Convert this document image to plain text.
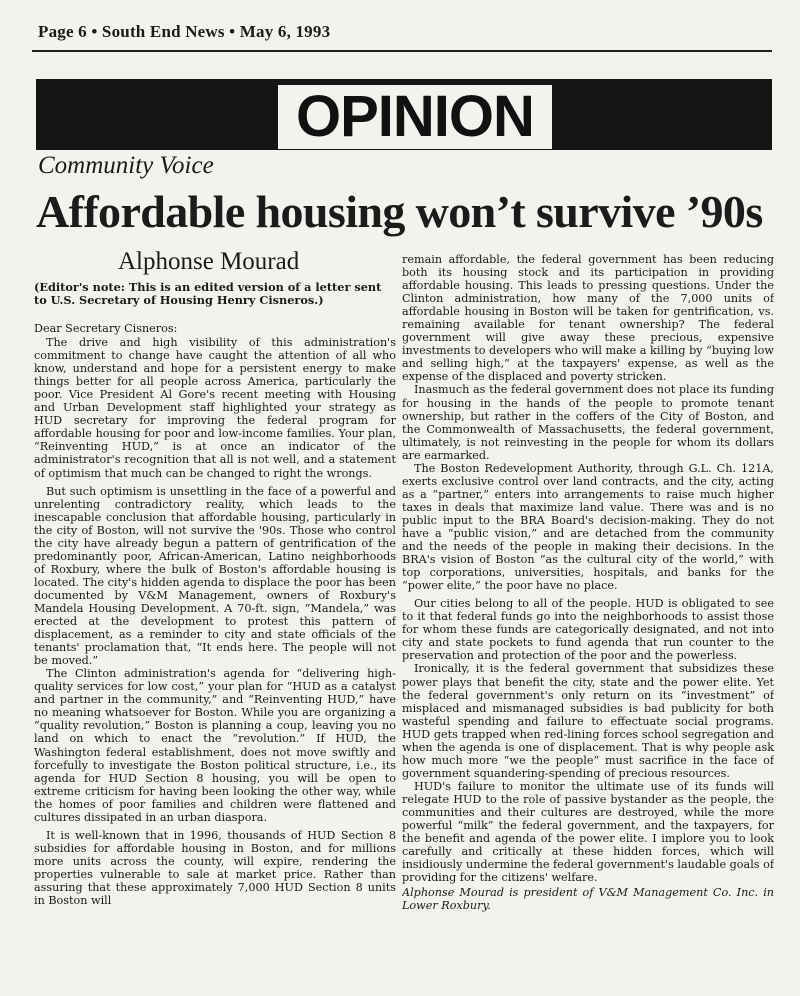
Page 6 • South End News • May 6, 1993
OPINION
Community Voice
Affordable housing won’t survive ’90s
Alphonse Mourad
(Editor's note: This is an edited version of a letter sent to U.S. Secretary of Housing Henry Cisneros.)

Dear Secretary Cisneros:

The drive and high visibility of this administration's commitment to change have caught the attention of all who know, understand and hope for a persistent energy to make things better for all people across America, particularly the poor. Vice President Al Gore's recent meeting with Housing and Urban Development staff highlighted your strategy as HUD secretary for improving the federal program for affordable housing for poor and low-income families. Your plan, “Reinventing HUD,” is at once an indicator of the administrator's recognition that all is not well, and a statement of optimism that much can be changed to right the wrongs.

But such optimism is unsettling in the face of a powerful and unrelenting contradictory reality, which leads to the inescapable conclusion that affordable housing, particularly in the city of Boston, will not survive the '90s. Those who control the city have already begun a pattern of gentrification of the predominantly poor, African-American, Latino neighborhoods of Roxbury, where the bulk of Boston's affordable housing is located. The city's hidden agenda to displace the poor has been documented by V&M Management, owners of Roxbury's Mandela Housing Development. A 70-ft. sign, “Mandela,” was erected at the development to protest this pattern of displacement, as a reminder to city and state officials of the tenants' proclamation that, “It ends here. The people will not be moved.”

The Clinton administration's agenda for “delivering high-quality services for low cost,” your plan for “HUD as a catalyst and partner in the community,” and “Reinventing HUD,” have no meaning whatsoever for Boston. While you are organizing a “quality revolution,” Boston is planning a coup, leaving you no land on which to enact the “revolution.” If HUD, the Washington federal establishment, does not move swiftly and forcefully to investigate the Boston political structure, i.e., its agenda for HUD Section 8 housing, you will be open to extreme criticism for having been looking the other way, while the homes of poor families and children were flattened and cultures dissipated in an urban diaspora.

It is well-known that in 1996, thousands of HUD Section 8 subsidies for affordable housing in Boston, and for millions more units across the county, will expire, rendering the properties vulnerable to sale at market price. Rather than assuring that these approximately 7,000 HUD Section 8 units in Boston will

remain affordable, the federal government has been reducing both its housing stock and its participation in providing affordable housing. This leads to pressing questions. Under the Clinton administration, how many of the 7,000 units of affordable housing in Boston will be taken for gentrification, vs. remaining available for tenant ownership? The federal government will give away these precious, expensive investments to developers who will make a killing by “buying low and selling high,” at the taxpayers' expense, as well as the expense of the displaced and poverty stricken.

Inasmuch as the federal government does not place its funding for housing in the hands of the people to promote tenant ownership, but rather in the coffers of the City of Boston, and the Commonwealth of Massachusetts, the federal government, ultimately, is not reinvesting in the people for whom its dollars are earmarked.

The Boston Redevelopment Authority, through G.L. Ch. 121A, exerts exclusive control over land contracts, and the city, acting as a “partner,” enters into arrangements to raise much higher taxes in deals that maximize land value. There was and is no public input to the BRA Board's decision-making. They do not have a “public vision,” and are detached from the community and the needs of the people in making their decisions. In the BRA's vision of Boston “as the cultural city of the world,” with top corporations, universities, hospitals, and banks for the “power elite,” the poor have no place.

Our cities belong to all of the people. HUD is obligated to see to it that federal funds go into the neighborhoods to assist those for whom these funds are categorically designated, and not into city and state pockets to fund agenda that run counter to the preservation and protection of the poor and the powerless.

Ironically, it is the federal government that subsidizes these power plays that benefit the city, state and the power elite. Yet the federal government's only return on its “investment” of misplaced and mismanaged subsidies is bad publicity for both wasteful spending and failure to effectuate social programs. HUD gets trapped when red-lining forces school segregation and when the agenda is one of displacement. That is why people ask how much more “we the people” must sacrifice in the face of government squandering-spending of precious resources.

HUD's failure to monitor the ultimate use of its funds will relegate HUD to the role of passive bystander as the people, the communities and their cultures are destroyed, while the more powerful “milk” the federal government, and the taxpayers, for the benefit and agenda of the power elite. I implore you to look carefully and critically at these hidden forces, which will insidiously undermine the federal government's laudable goals of providing for the citizens' welfare.

Alphonse Mourad is president of V&M Management Co. Inc. in Lower Roxbury.
